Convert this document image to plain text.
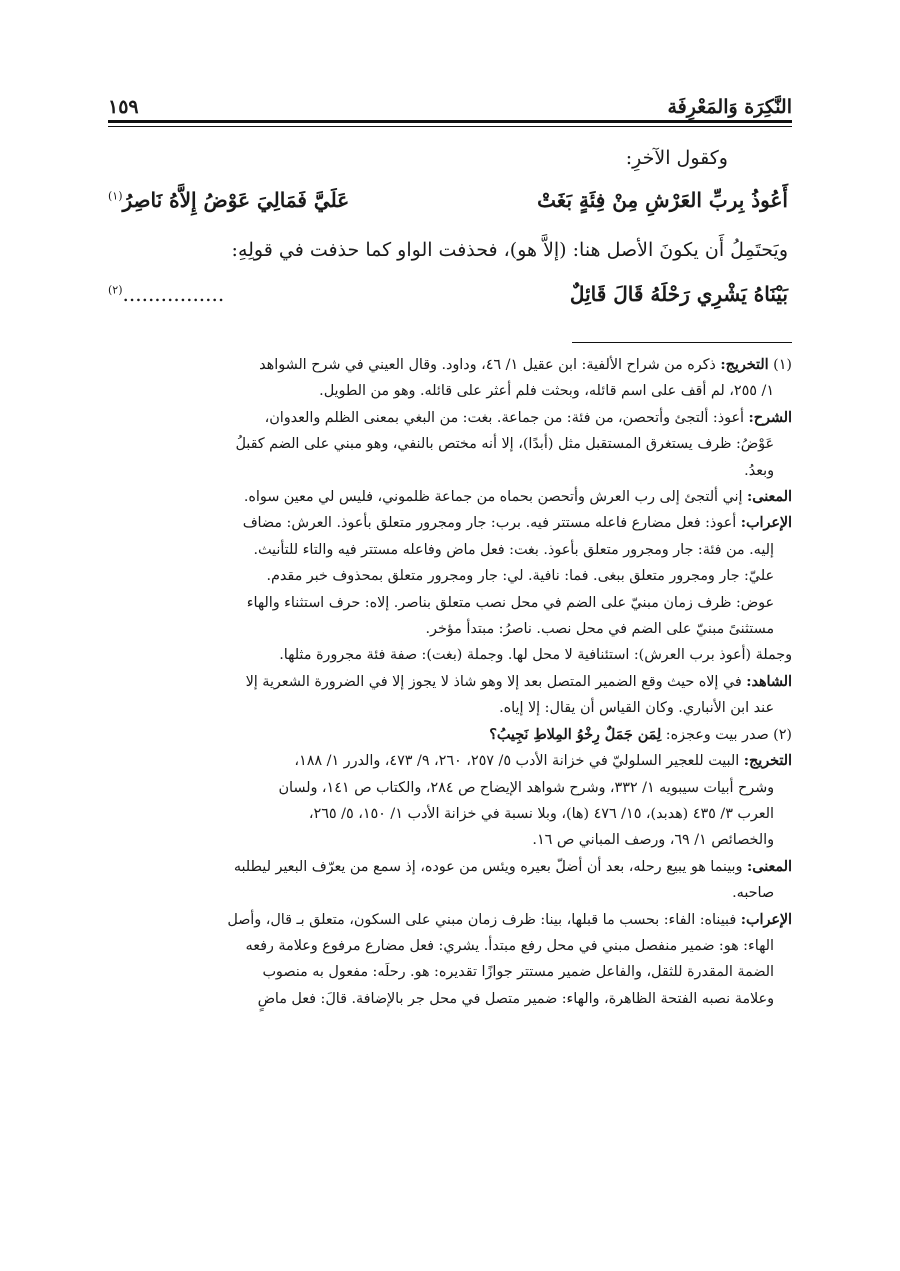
النَّكِرَة وَالمَعْرِفَة
١٥٩

وكقول الآخرِ:

أَعُوذُ بِربِّ العَرْشِ مِنْ فِئَةٍ بَغَتْ
عَلَيَّ فَمَالِيَ عَوْضُ إِلاَّهُ نَاصِرُ$^{(١)}$

ويَحتَمِلُ أَن يكونَ الأصل هنا: (إلاَّ هو)، فحذفت الواو كما حذفت في قولِهِ:

بَيْنَاهُ يَشْرِي رَحْلَهُ قَالَ قَائِلٌ
................$^{(٢)}$

(١) التخريج: ذكره من شراح الألفية: ابن عقيل ١/ ٤٦، وداود. وقال العيني في شرح الشواهد

١/ ٢٥٥، لم أقف على اسم قائله، وبحثت فلم أعثر على قائله. وهو من الطويل.

الشرح: أعوذ: ألتجئ وأتحصن، من فئة: من جماعة. بغت: من البغي بمعنى الظلم والعدوان،

عَوْضُ: ظرف يستغرق المستقبل مثل (أبدًا)، إلا أنه مختص بالنفي، وهو مبني على الضم كقبلُ

وبعدُ.

المعنى: إني ألتجئ إلى رب العرش وأتحصن بحماه من جماعة ظلموني، فليس لي معين سواه.

الإعراب: أعوذ: فعل مضارع فاعله مستتر فيه. برب: جار ومجرور متعلق بأعوذ. العرش: مضاف

إليه. من فئة: جار ومجرور متعلق بأعوذ. بغت: فعل ماض وفاعله مستتر فيه والتاء للتأنيث.

عليّ: جار ومجرور متعلق ببغى. فما: نافية. لي: جار ومجرور متعلق بمحذوف خبر مقدم.

عوض: ظرف زمان مبنيّ على الضم في محل نصب متعلق بناصر. إلاه: حرف استثناء والهاء

مستثنىً مبنيّ على الضم في محل نصب. ناصرُ: مبتدأ مؤخر.

وجملة (أعوذ برب العرش): استئنافية لا محل لها. وجملة (بغت): صفة فئة مجرورة مثلها.

الشاهد: في إلاه حيث وقع الضمير المتصل بعد إلا وهو شاذ لا يجوز إلا في الضرورة الشعرية إلا

عند ابن الأنباري. وكان القياس أن يقال: إلا إياه.

(٢) صدر بيت وعجزه: لِمَن جَمَلٌ رِخْوُ المِلاطِ نَجِيبُ؟

التخريج: البيت للعجير السلوليّ في خزانة الأدب ٥/ ٢٥٧، ٢٦٠، ٩/ ٤٧٣، والدرر ١/ ١٨٨،

وشرح أبيات سيبويه ١/ ٣٣٢، وشرح شواهد الإيضاح ص ٢٨٤، والكتاب ص ١٤١، ولسان

العرب ٣/ ٤٣٥ (هدبد)، ١٥/ ٤٧٦ (ها)، وبلا نسبة في خزانة الأدب ١/ ١٥٠، ٥/ ٢٦٥،

والخصائص ١/ ٦٩، ورصف المباني ص ١٦.

المعنى: وبينما هو يبيع رحله، بعد أن أضلّ بعيره ويئس من عوده، إذ سمع من يعرّف البعير ليطلبه

صاحبه.

الإعراب: فبيناه: الفاء: بحسب ما قبلها، بينا: ظرف زمان مبني على السكون، متعلق بـ قال، وأصل

الهاء: هو: ضمير منفصل مبني في محل رفع مبتدأ. يشري: فعل مضارع مرفوع وعلامة رفعه

الضمة المقدرة للثقل، والفاعل ضمير مستتر جوازًا تقديره: هو. رحلَه: مفعول به منصوب

وعلامة نصبه الفتحة الظاهرة، والهاء: ضمير متصل في محل جر بالإضافة. قالَ: فعل ماضٍ
